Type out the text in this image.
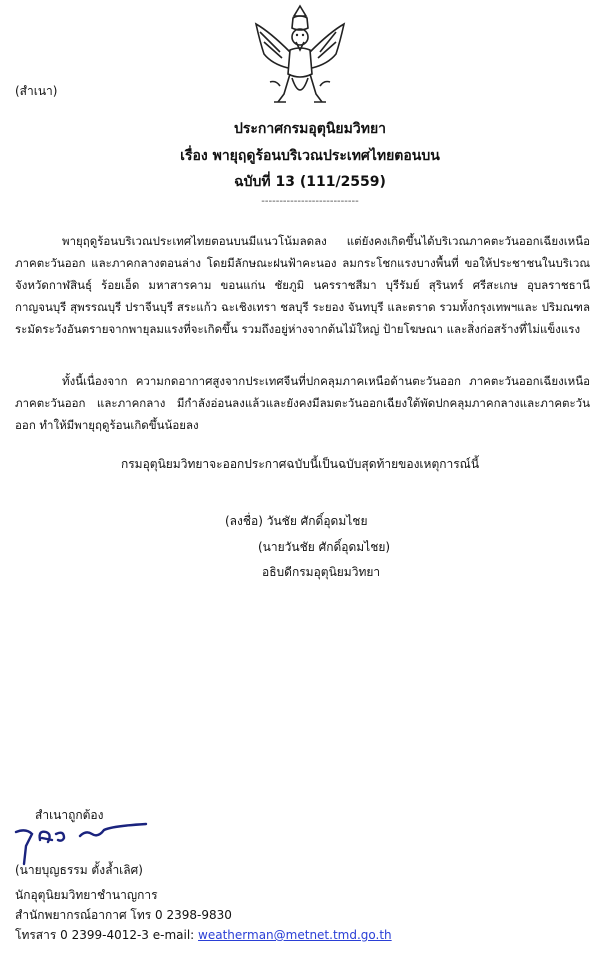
(สำเนา)
ประกาศกรมอุตุนิยมวิทยา
เรื่อง พายุฤดูร้อนบริเวณประเทศไทยตอนบน
ฉบับที่ 13 (111/2559)
---------------------------
พายุฤดูร้อนบริเวณประเทศไทยตอนบนมีแนวโน้มลดลง แต่ยังคงเกิดขึ้นได้บริเวณภาคตะวันออกเฉียงเหนือ ภาคตะวันออก และภาคกลางตอนล่าง โดยมีลักษณะฝนฟ้าคะนอง ลมกระโชกแรงบางพื้นที่ ขอให้ประชาชนในบริเวณ จังหวัดกาฬสินธุ์ ร้อยเอ็ด มหาสารคาม ขอนแก่น ชัยภูมิ นครราชสีมา บุรีรัมย์ สุรินทร์ ศรีสะเกษ อุบลราชธานี กาญจนบุรี สุพรรณบุรี ปราจีนบุรี สระแก้ว ฉะเชิงเทรา ชลบุรี ระยอง จันทบุรี และตราด รวมทั้งกรุงเทพฯและ ปริมณฑล ระมัดระวังอันตรายจากพายุลมแรงที่จะเกิดขึ้น รวมถึงอยู่ห่างจากต้นไม้ใหญ่ ป้ายโฆษณา และสิ่งก่อสร้างที่ไม่แข็งแรง
ทั้งนี้เนื่องจาก ความกดอากาศสูงจากประเทศจีนที่ปกคลุมภาคเหนือด้านตะวันออก ภาคตะวันออกเฉียงเหนือ ภาคตะวันออก และภาคกลาง มีกำลังอ่อนลงแล้วและยังคงมีลมตะวันออกเฉียงใต้พัดปกคลุมภาคกลางและภาคตะวันออก ทำให้มีพายุฤดูร้อนเกิดขึ้นน้อยลง
กรมอุตุนิยมวิทยาจะออกประกาศฉบับนี้เป็นฉบับสุดท้ายของเหตุการณ์นี้
(ลงชื่อ) วันชัย ศักดิ์อุดมไชย
(นายวันชัย ศักดิ์อุดมไชย)
อธิบดีกรมอุตุนิยมวิทยา
สำเนาถูกต้อง
(นายบุญธรรม ตั้งล้ำเลิศ)
นักอุตุนิยมวิทยาชำนาญการ
สำนักพยากรณ์อากาศ โทร 0 2398-9830
โทรสาร 0 2399-4012-3 e-mail: weatherman@metnet.tmd.go.th
